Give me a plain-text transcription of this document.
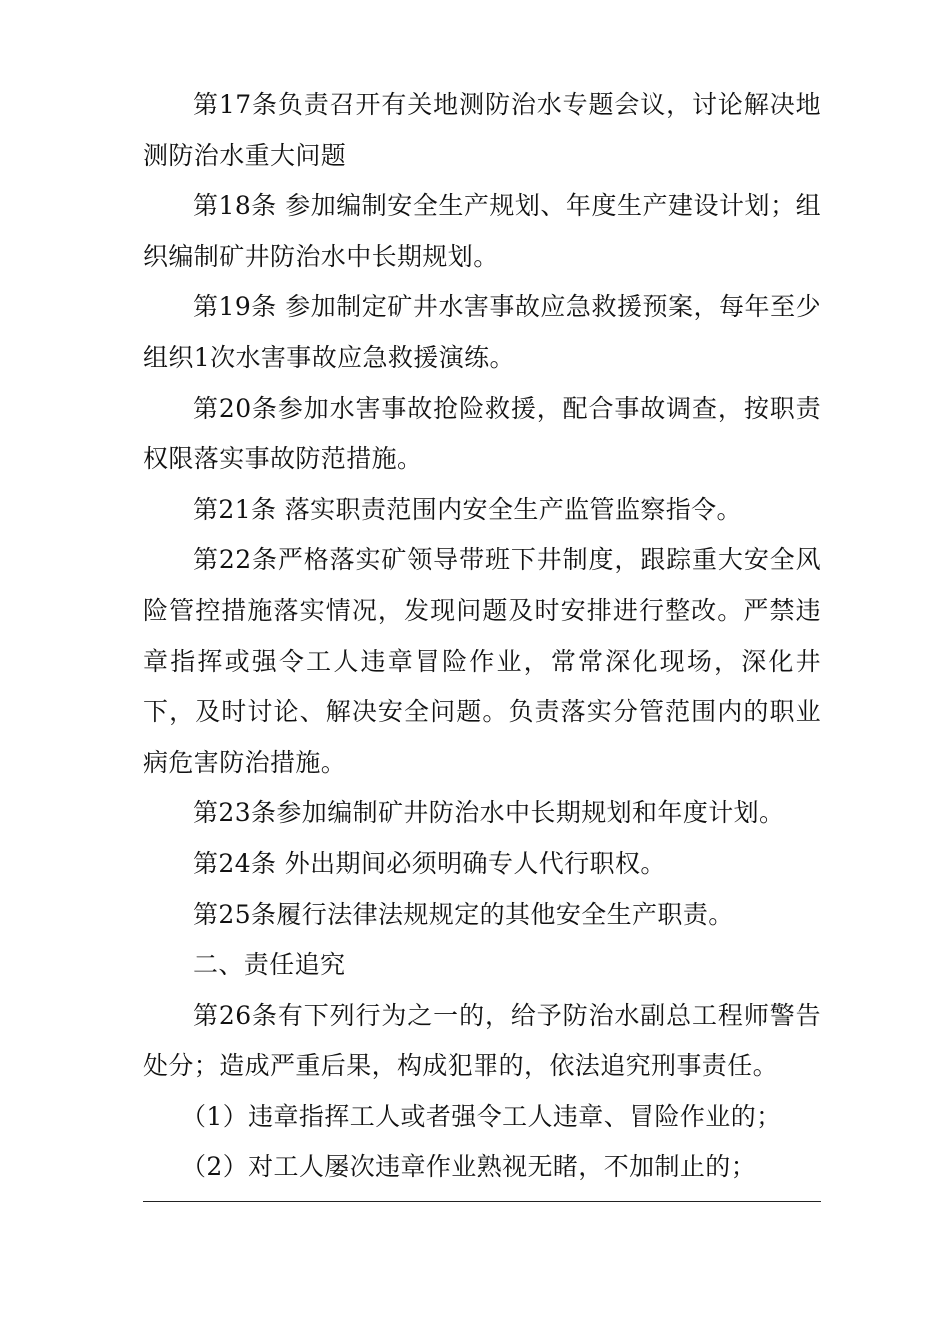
第17条负责召开有关地测防治水专题会议，讨论解决地测防治水重大问题

第18条 参加编制安全生产规划、年度生产建设计划；组织编制矿井防治水中长期规划。

第19条 参加制定矿井水害事故应急救援预案，每年至少组织1次水害事故应急救援演练。

第20条参加水害事故抢险救援，配合事故调查，按职责权限落实事故防范措施。

第21条 落实职责范围内安全生产监管监察指令。

第22条严格落实矿领导带班下井制度，跟踪重大安全风险管控措施落实情况，发现问题及时安排进行整改。严禁违章指挥或强令工人违章冒险作业，常常深化现场，深化井下，及时讨论、解决安全问题。负责落实分管范围内的职业病危害防治措施。

第23条参加编制矿井防治水中长期规划和年度计划。

第24条 外出期间必须明确专人代行职权。

第25条履行法律法规规定的其他安全生产职责。

二、责任追究

第26条有下列行为之一的，给予防治水副总工程师警告处分；造成严重后果，构成犯罪的，依法追究刑事责任。

（1）违章指挥工人或者强令工人违章、冒险作业的；

（2）对工人屡次违章作业熟视无睹，不加制止的；
